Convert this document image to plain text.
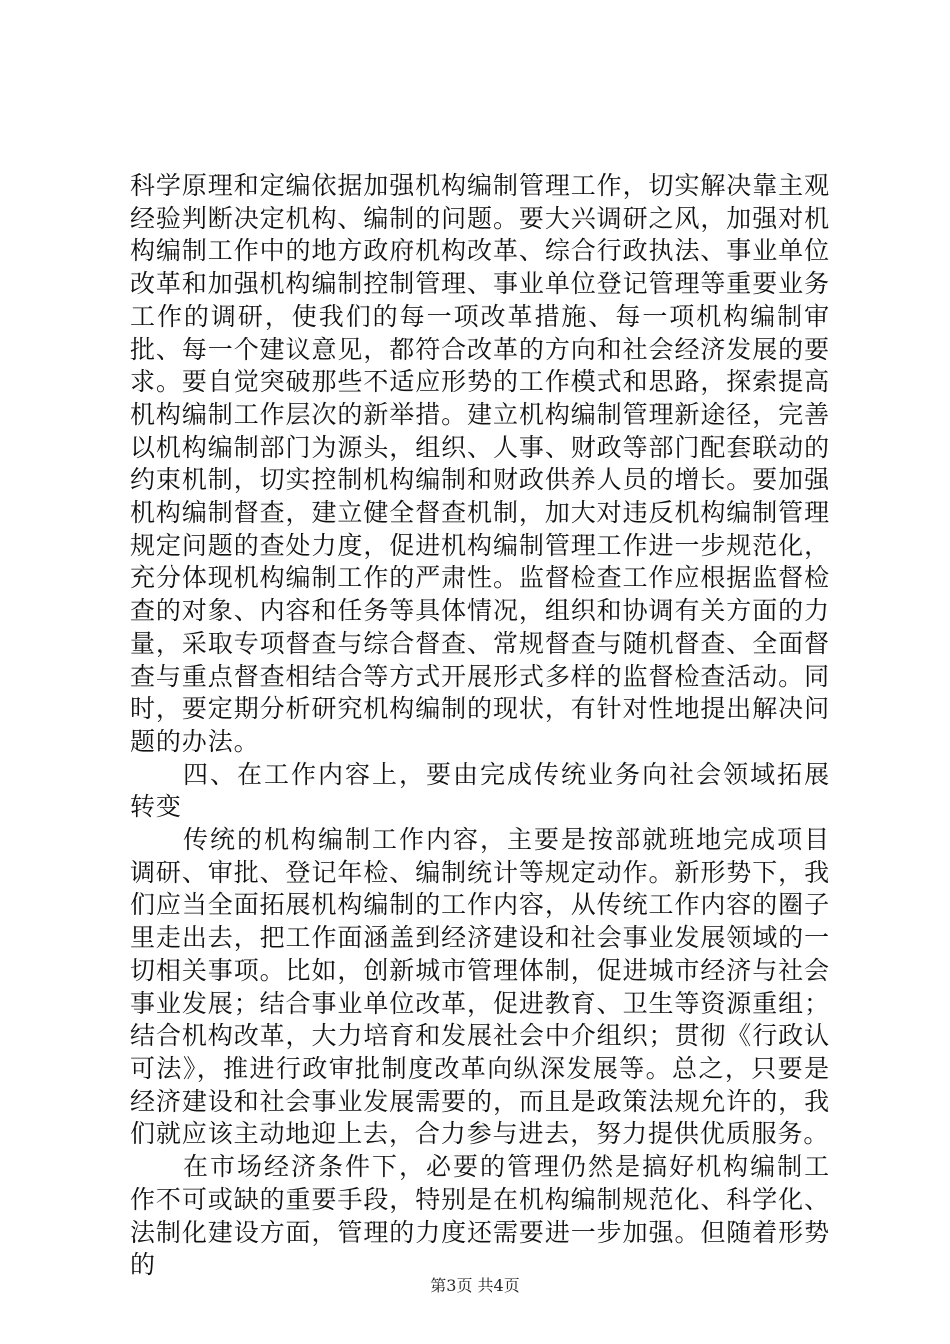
科学原理和定编依据加强机构编制管理工作，切实解决靠主观经验判断决定机构、编制的问题。要大兴调研之风，加强对机构编制工作中的地方政府机构改革、综合行政执法、事业单位改革和加强机构编制控制管理、事业单位登记管理等重要业务工作的调研，使我们的每一项改革措施、每一项机构编制审批、每一个建议意见，都符合改革的方向和社会经济发展的要求。要自觉突破那些不适应形势的工作模式和思路，探索提高机构编制工作层次的新举措。建立机构编制管理新途径，完善以机构编制部门为源头，组织、人事、财政等部门配套联动的约束机制，切实控制机构编制和财政供养人员的增长。要加强机构编制督查，建立健全督查机制，加大对违反机构编制管理规定问题的查处力度，促进机构编制管理工作进一步规范化，充分体现机构编制工作的严肃性。监督检查工作应根据监督检查的对象、内容和任务等具体情况，组织和协调有关方面的力量，采取专项督查与综合督查、常规督查与随机督查、全面督查与重点督查相结合等方式开展形式多样的监督检查活动。同时，要定期分析研究机构编制的现状，有针对性地提出解决问题的办法。

四、在工作内容上，要由完成传统业务向社会领域拓展转变

传统的机构编制工作内容，主要是按部就班地完成项目调研、审批、登记年检、编制统计等规定动作。新形势下，我们应当全面拓展机构编制的工作内容，从传统工作内容的圈子里走出去，把工作面涵盖到经济建设和社会事业发展领域的一切相关事项。比如，创新城市管理体制，促进城市经济与社会事业发展；结合事业单位改革，促进教育、卫生等资源重组；结合机构改革，大力培育和发展社会中介组织；贯彻《行政认可法》，推进行政审批制度改革向纵深发展等。总之，只要是经济建设和社会事业发展需要的，而且是政策法规允许的，我们就应该主动地迎上去，合力参与进去，努力提供优质服务。

在市场经济条件下，必要的管理仍然是搞好机构编制工作不可或缺的重要手段，特别是在机构编制规范化、科学化、法制化建设方面，管理的力度还需要进一步加强。但随着形势的

第3页 共4页
